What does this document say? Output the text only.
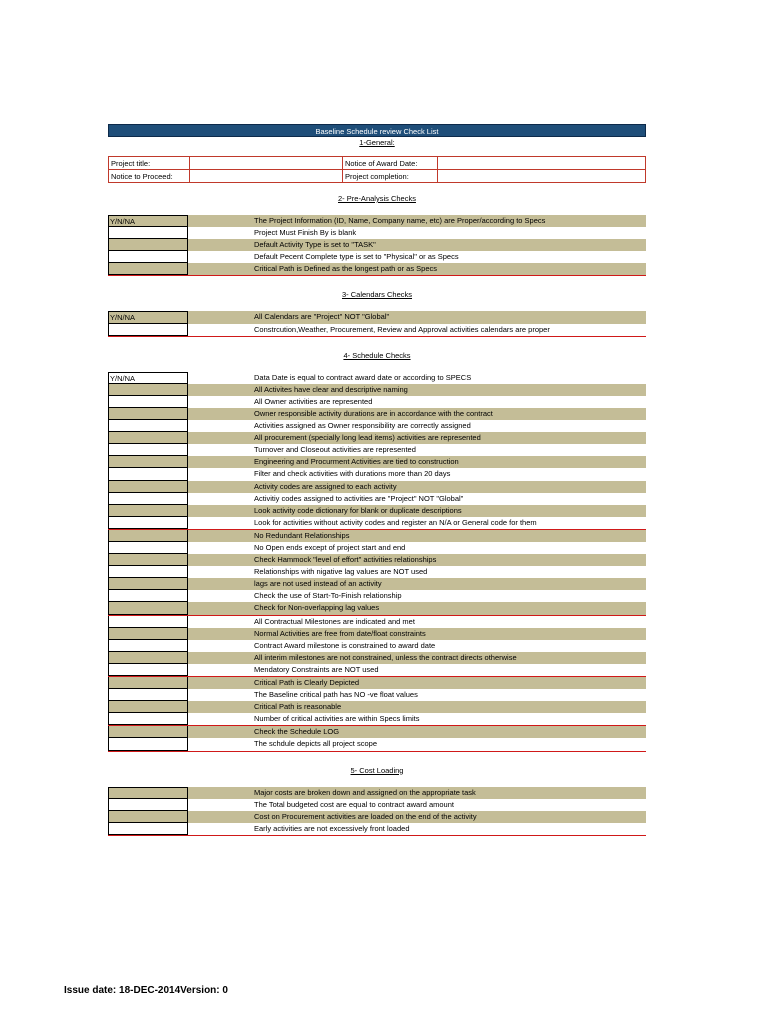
Baseline Schedule review Check List
1-General:
Project title:		Notice of Award Date:	
Notice to Proceed:		Project completion:	
2- Pre-Analysis Checks
Y/N/NA	The Project Information (ID, Name, Company name, etc) are Proper/according to Specs
Project Must Finish By is blank
Default Activity Type is set to "TASK"
Default Pecent Complete type is set to "Physical" or as Specs
Critical Path is Defined as the longest path or as Specs
3- Calendars Checks
Y/N/NA	All Calendars are "Project" NOT "Global"
Constrcution,Weather, Procurement, Review and Approval activities calendars are proper
4- Schedule Checks
Y/N/NA	Data Date is equal to contract award date or according to SPECS
All Activites have clear and descriptive naming
All Owner activities are represented
Owner responsible activity durations are in accordance with the contract
Activities assigned as Owner responsibility are correctly assigned
All procurement (specially long lead items) activities are represented
Turnover and Closeout activities are represented
Engineering and Procurment Activities are tied to construction
Filter and check activities with durations more than 20 days
Activity codes are assigned to each activity
Activitiy codes assigned to activities are "Project" NOT "Global"
Look activity code dictionary for blank or duplicate descriptions
Look for activities without activity codes and register an N/A or General code for them
No Redundant Relationships
No Open ends except of project start and end
Check Hammock "level of effort" activities relationships
Relationships with nigative lag values are NOT used
lags are not used instead of an activity
Check the use of Start-To-Finish relationship
Check for Non-overlapping lag values
All Contractual Milestones are indicated and met
Normal Activities are free from date/float constraints
Contract Award milestone is constrained to award date
All interim milestones are not constrained, unless the contract directs otherwise
Mendatory Constraints are NOT used
Critical Path is Clearly Depicted
The Baseline critical path has NO -ve float values
Critical Path is reasonable
Number of critical activities are within Specs limits
Check the Schedule LOG
The schdule depicts all project scope
5- Cost Loading
Major costs are broken down and assigned on the appropriate task
The Total budgeted cost are equal to contract award amount
Cost on Procurement activities are loaded on the end of the activity
Early activities are not excessively front loaded
Issue date: 18-DEC-2014Version: 0
